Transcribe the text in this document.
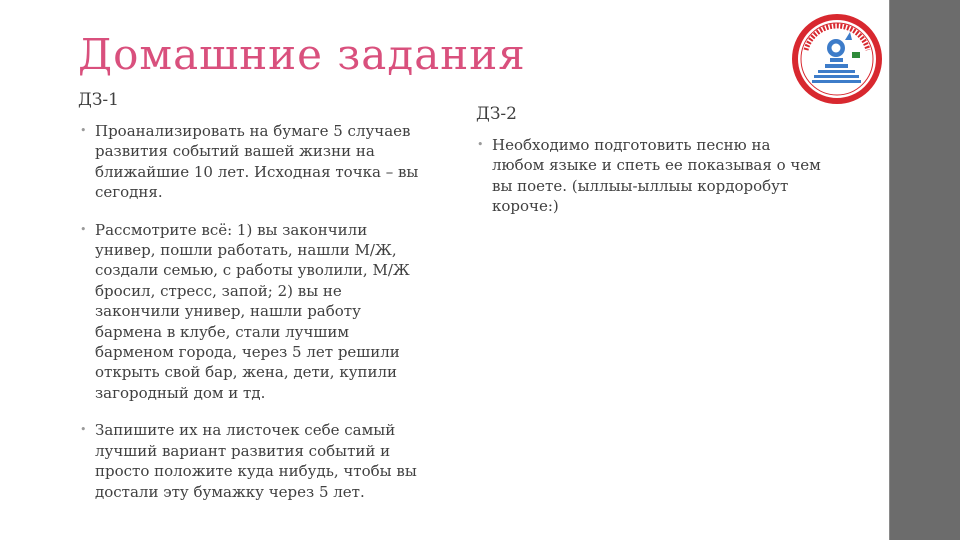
Домашние задания
ДЗ-1
• Проанализировать на бумаге 5 случаев развития событий вашей жизни на ближайшие 10 лет. Исходная точка – вы сегодня.
• Рассмотрите всё: 1) вы закончили универ, пошли работать, нашли М/Ж, создали семью, с работы уволили, М/Ж бросил, стресс, запой; 2) вы не закончили универ, нашли работу бармена в клубе, стали лучшим барменом города, через 5 лет решили открыть свой бар, жена, дети, купили загородный дом и тд.
• Запишите их на листочек себе самый лучший вариант развития событий и просто положите куда нибудь, чтобы вы достали эту бумажку через 5 лет.
ДЗ-2
• Необходимо подготовить песню на любом языке и спеть ее показывая о чем вы поете. (ыллыы-ыллыы кордоробут короче:)
